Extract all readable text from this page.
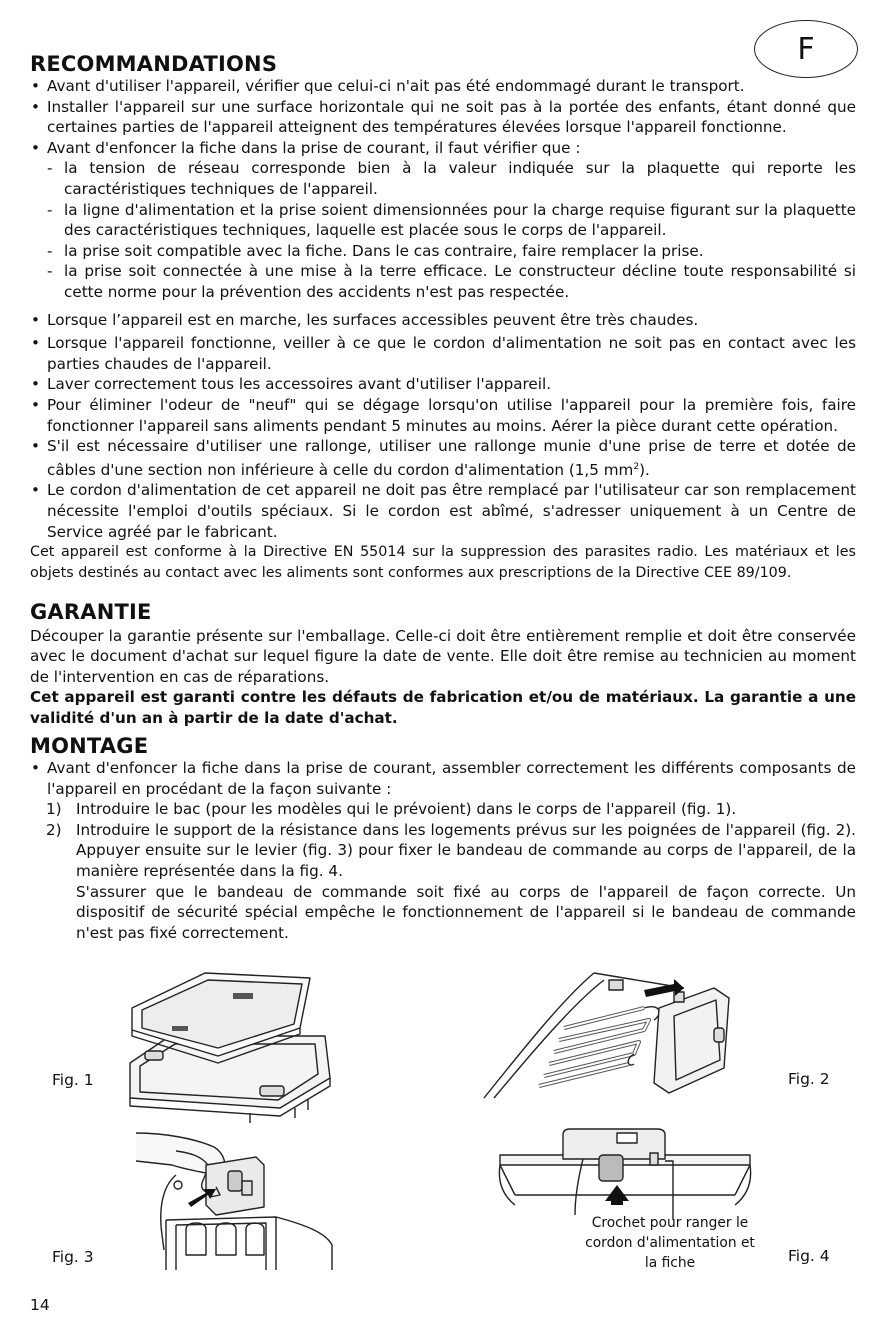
F
RECOMMANDATIONS
• Avant d'utiliser l'appareil, vérifier que celui-ci n'ait pas été endommagé durant le transport.
• Installer l'appareil sur une surface horizontale qui ne soit pas à la portée des enfants, étant donné que certaines parties de l'appareil atteignent des températures élevées lorsque l'appareil fonctionne.
• Avant d'enfoncer la fiche dans la prise de courant, il faut vérifier que :
- la tension de réseau corresponde bien à la valeur indiquée sur la plaquette qui reporte les caractéristiques techniques de l'appareil.
- la ligne d'alimentation et la prise soient dimensionnées pour la charge requise figurant sur la plaquette des caractéristiques techniques, laquelle est placée sous le corps de l'appareil.
- la prise soit compatible avec la fiche. Dans le cas contraire, faire remplacer la prise.
- la prise soit connectée à une mise à la terre efficace. Le constructeur décline toute responsabilité si cette norme pour la prévention des accidents n'est pas respectée.
• Lorsque l’appareil est en marche, les surfaces accessibles peuvent être très chaudes.
• Lorsque l'appareil fonctionne, veiller à ce que le cordon d'alimentation ne soit pas en contact avec les parties chaudes de l'appareil.
• Laver correctement tous les accessoires avant d'utiliser l'appareil.
• Pour éliminer l'odeur de "neuf" qui se dégage lorsqu'on utilise l'appareil pour la première fois, faire fonctionner l'appareil sans aliments pendant 5 minutes au moins. Aérer la pièce durant cette opération.
• S'il est nécessaire d'utiliser une rallonge, utiliser une rallonge munie d'une prise de terre et dotée de câbles d'une section non inférieure à celle du cordon d'alimentation (1,5 $mm^2$).
• Le cordon d'alimentation de cet appareil ne doit pas être remplacé par l'utilisateur car son remplacement nécessite l'emploi d'outils spéciaux. Si le cordon est abîmé, s'adresser uniquement à un Centre de Service agréé par le fabricant.
Cet appareil est conforme à la Directive EN 55014 sur la suppression des parasites radio. Les matériaux et les objets destinés au contact avec les aliments sont conformes aux prescriptions de la Directive CEE 89/109.
GARANTIE
Découper la garantie présente sur l'emballage. Celle-ci doit être entièrement remplie et doit être conservée avec le document d'achat sur lequel figure la date de vente. Elle doit être remise au technicien au moment de l'intervention en cas de réparations.
Cet appareil est garanti contre les défauts de fabrication et/ou de matériaux. La garantie a une validité d'un an à partir de la date d'achat.
MONTAGE
• Avant d'enfoncer la fiche dans la prise de courant, assembler correctement les différents composants de l'appareil en procédant de la façon suivante :
1) Introduire le bac (pour les modèles qui le prévoient) dans le corps de l'appareil (fig. 1).
2) Introduire le support de la résistance dans les logements prévus sur les poignées de l'appareil (fig. 2). Appuyer ensuite sur le levier (fig. 3) pour fixer le bandeau de commande au corps de l'appareil, de la manière représentée dans la fig. 4.
S'assurer que le bandeau de commande soit fixé au corps de l'appareil de façon correcte. Un dispositif de sécurité spécial empêche le fonctionnement de l'appareil si le bandeau de commande n'est pas fixé correctement.
Fig. 1	Fig. 2
Fig. 3	Fig. 4
Crochet pour ranger le cordon d'alimentation et la fiche
14
